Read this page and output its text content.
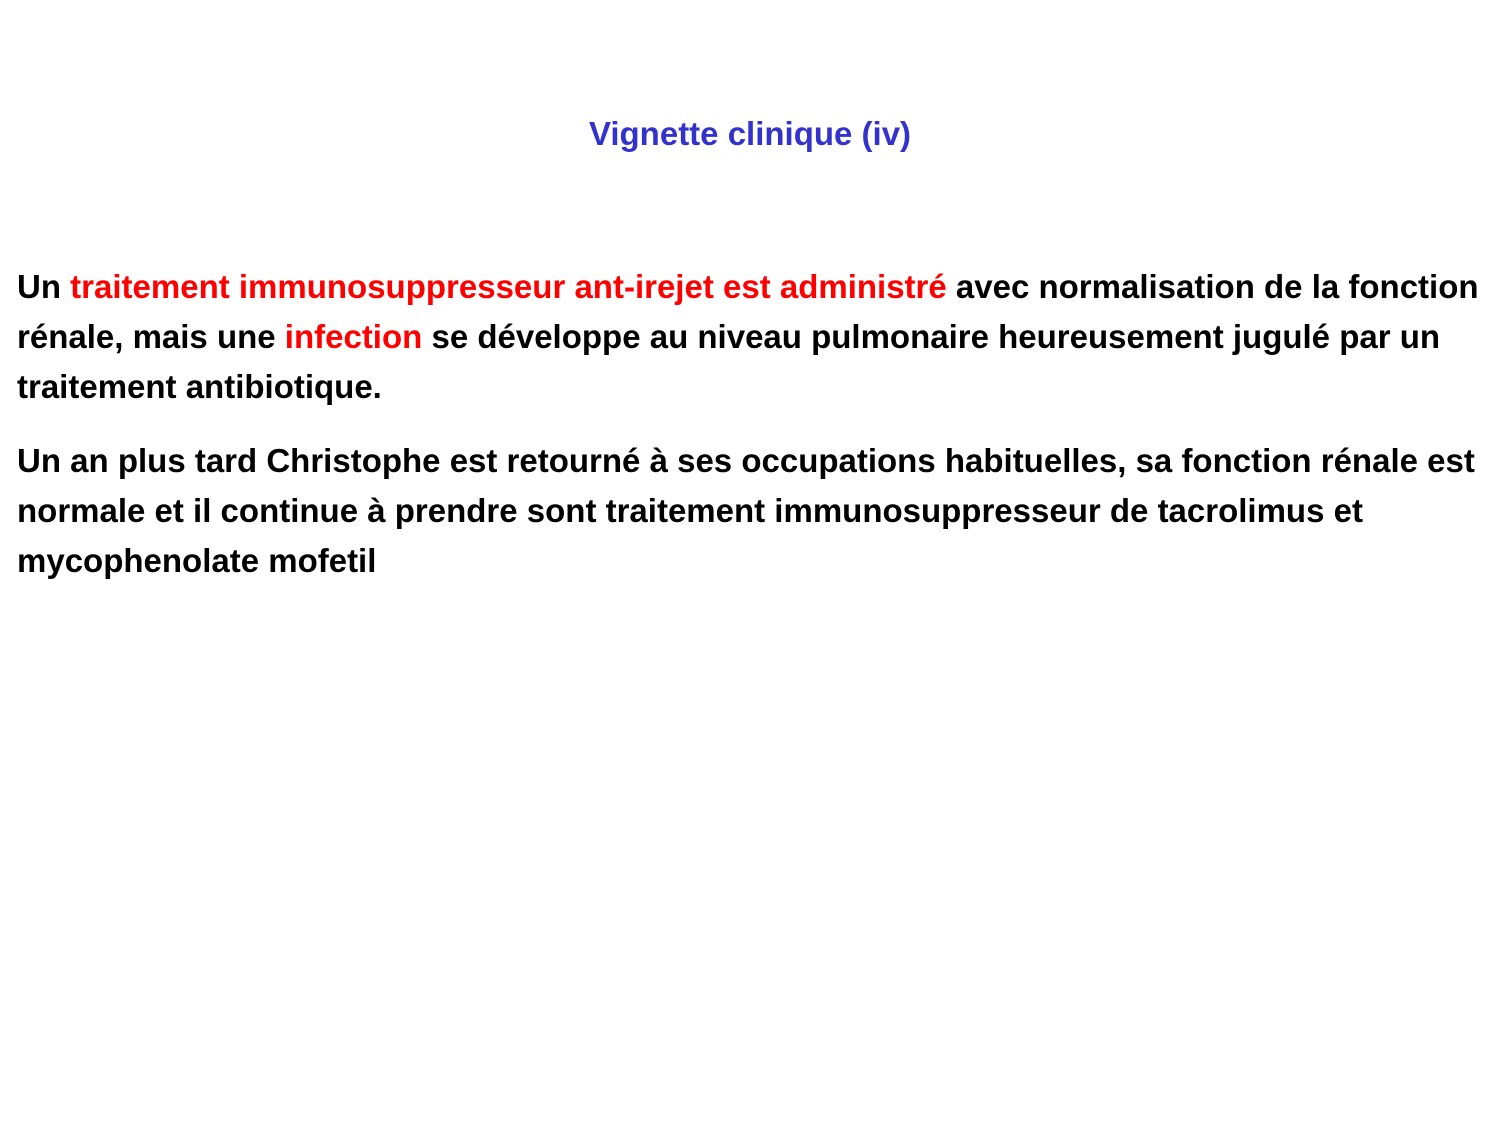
Vignette clinique (iv)

Un traitement immunosuppresseur ant-irejet est administré avec normalisation de la fonction rénale, mais une infection se développe au niveau pulmonaire heureusement jugulé par un traitement antibiotique.

Un an plus tard Christophe est retourné à ses occupations habituelles, sa fonction rénale est normale et il continue à prendre sont traitement immunosuppresseur de tacrolimus et mycophenolate mofetil
